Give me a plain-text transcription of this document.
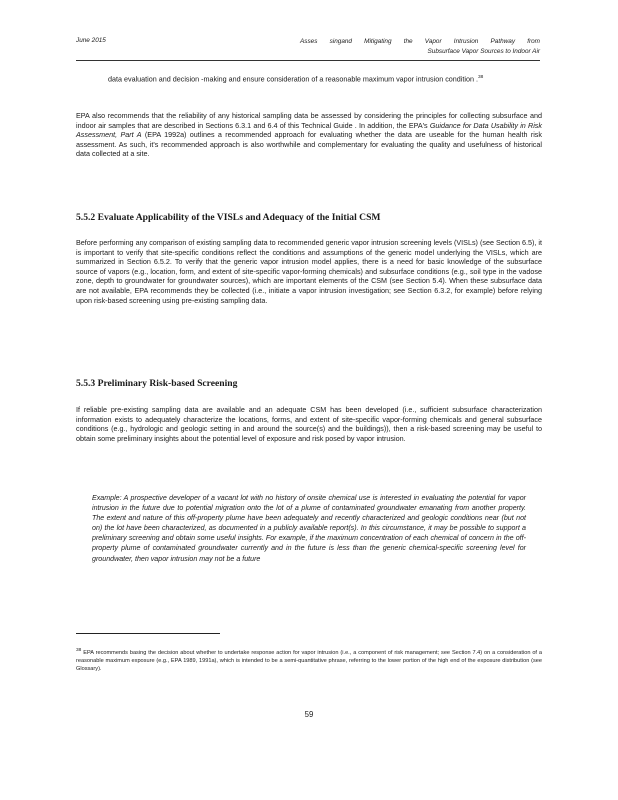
June 2015	Asses singand Mitigating the Vapor Intrusion Pathway from
Subsurface Vapor Sources to Indoor Air

data evaluation and decision -making and ensure consideration of a reasonable maximum vapor intrusion condition .$^{38}$

EPA also recommends that the reliability of any historical sampling data be assessed by considering the principles for collecting subsurface and indoor air samples that are described in Sections 6.3.1 and 6.4 of this Technical Guide . In addition, the EPA's Guidance for Data Usability in Risk Assessment, Part A (EPA 1992a) outlines a recommended approach for evaluating whether the data are useable for the human health risk assessment. As such, it's recommended approach is also worthwhile and complementary for evaluating the quality and usefulness of historical data collected at a site.

5.5.2 Evaluate Applicability of the VISLs and Adequacy of the Initial CSM

Before performing any comparison of existing sampling data to recommended generic vapor intrusion screening levels (VISLs) (see Section 6.5), it is important to verify that site-specific conditions reflect the conditions and assumptions of the generic model underlying the VISLs, which are summarized in Section 6.5.2. To verify that the generic vapor intrusion model applies, there is a need for basic knowledge of the subsurface source of vapors (e.g., location, form, and extent of site-specific vapor-forming chemicals) and subsurface conditions (e.g., soil type in the vadose zone, depth to groundwater for groundwater sources), which are important elements of the CSM (see Section 5.4). When these subsurface data are not available, EPA recommends they be collected (i.e., initiate a vapor intrusion investigation; see Section 6.3.2, for example) before relying upon risk-based screening using pre-existing sampling data.

5.5.3 Preliminary Risk-based Screening

If reliable pre-existing sampling data are available and an adequate CSM has been developed (i.e., sufficient subsurface characterization information exists to adequately characterize the locations, forms, and extent of site-specific vapor-forming chemicals and general subsurface conditions (e.g., hydrologic and geologic setting in and around the source(s) and the buildings)), then a risk-based screening may be useful to obtain some preliminary insights about the potential level of exposure and risk posed by vapor intrusion.

Example: A prospective developer of a vacant lot with no history of onsite chemical use is interested in evaluating the potential for vapor intrusion in the future due to potential migration onto the lot of a plume of contaminated groundwater emanating from another property. The extent and nature of this off-property plume have been adequately and recently characterized and geologic conditions near (but not on) the lot have been characterized, as documented in a publicly available report(s). In this circumstance, it may be possible to support a preliminary screening and obtain some useful insights. For example, if the maximum concentration of each chemical of concern in the off-property plume of contaminated groundwater currently and in the future is less than the generic chemical-specific screening level for groundwater, then vapor intrusion may not be a future

$^{38}$ EPA recommends basing the decision about whether to undertake response action for vapor intrusion (i.e., a component of risk management; see Section 7.4) on a consideration of a reasonable maximum exposure (e.g., EPA 1989, 1991a), which is intended to be a semi-quantitative phrase, referring to the lower portion of the high end of the exposure distribution (see Glossary).

59
